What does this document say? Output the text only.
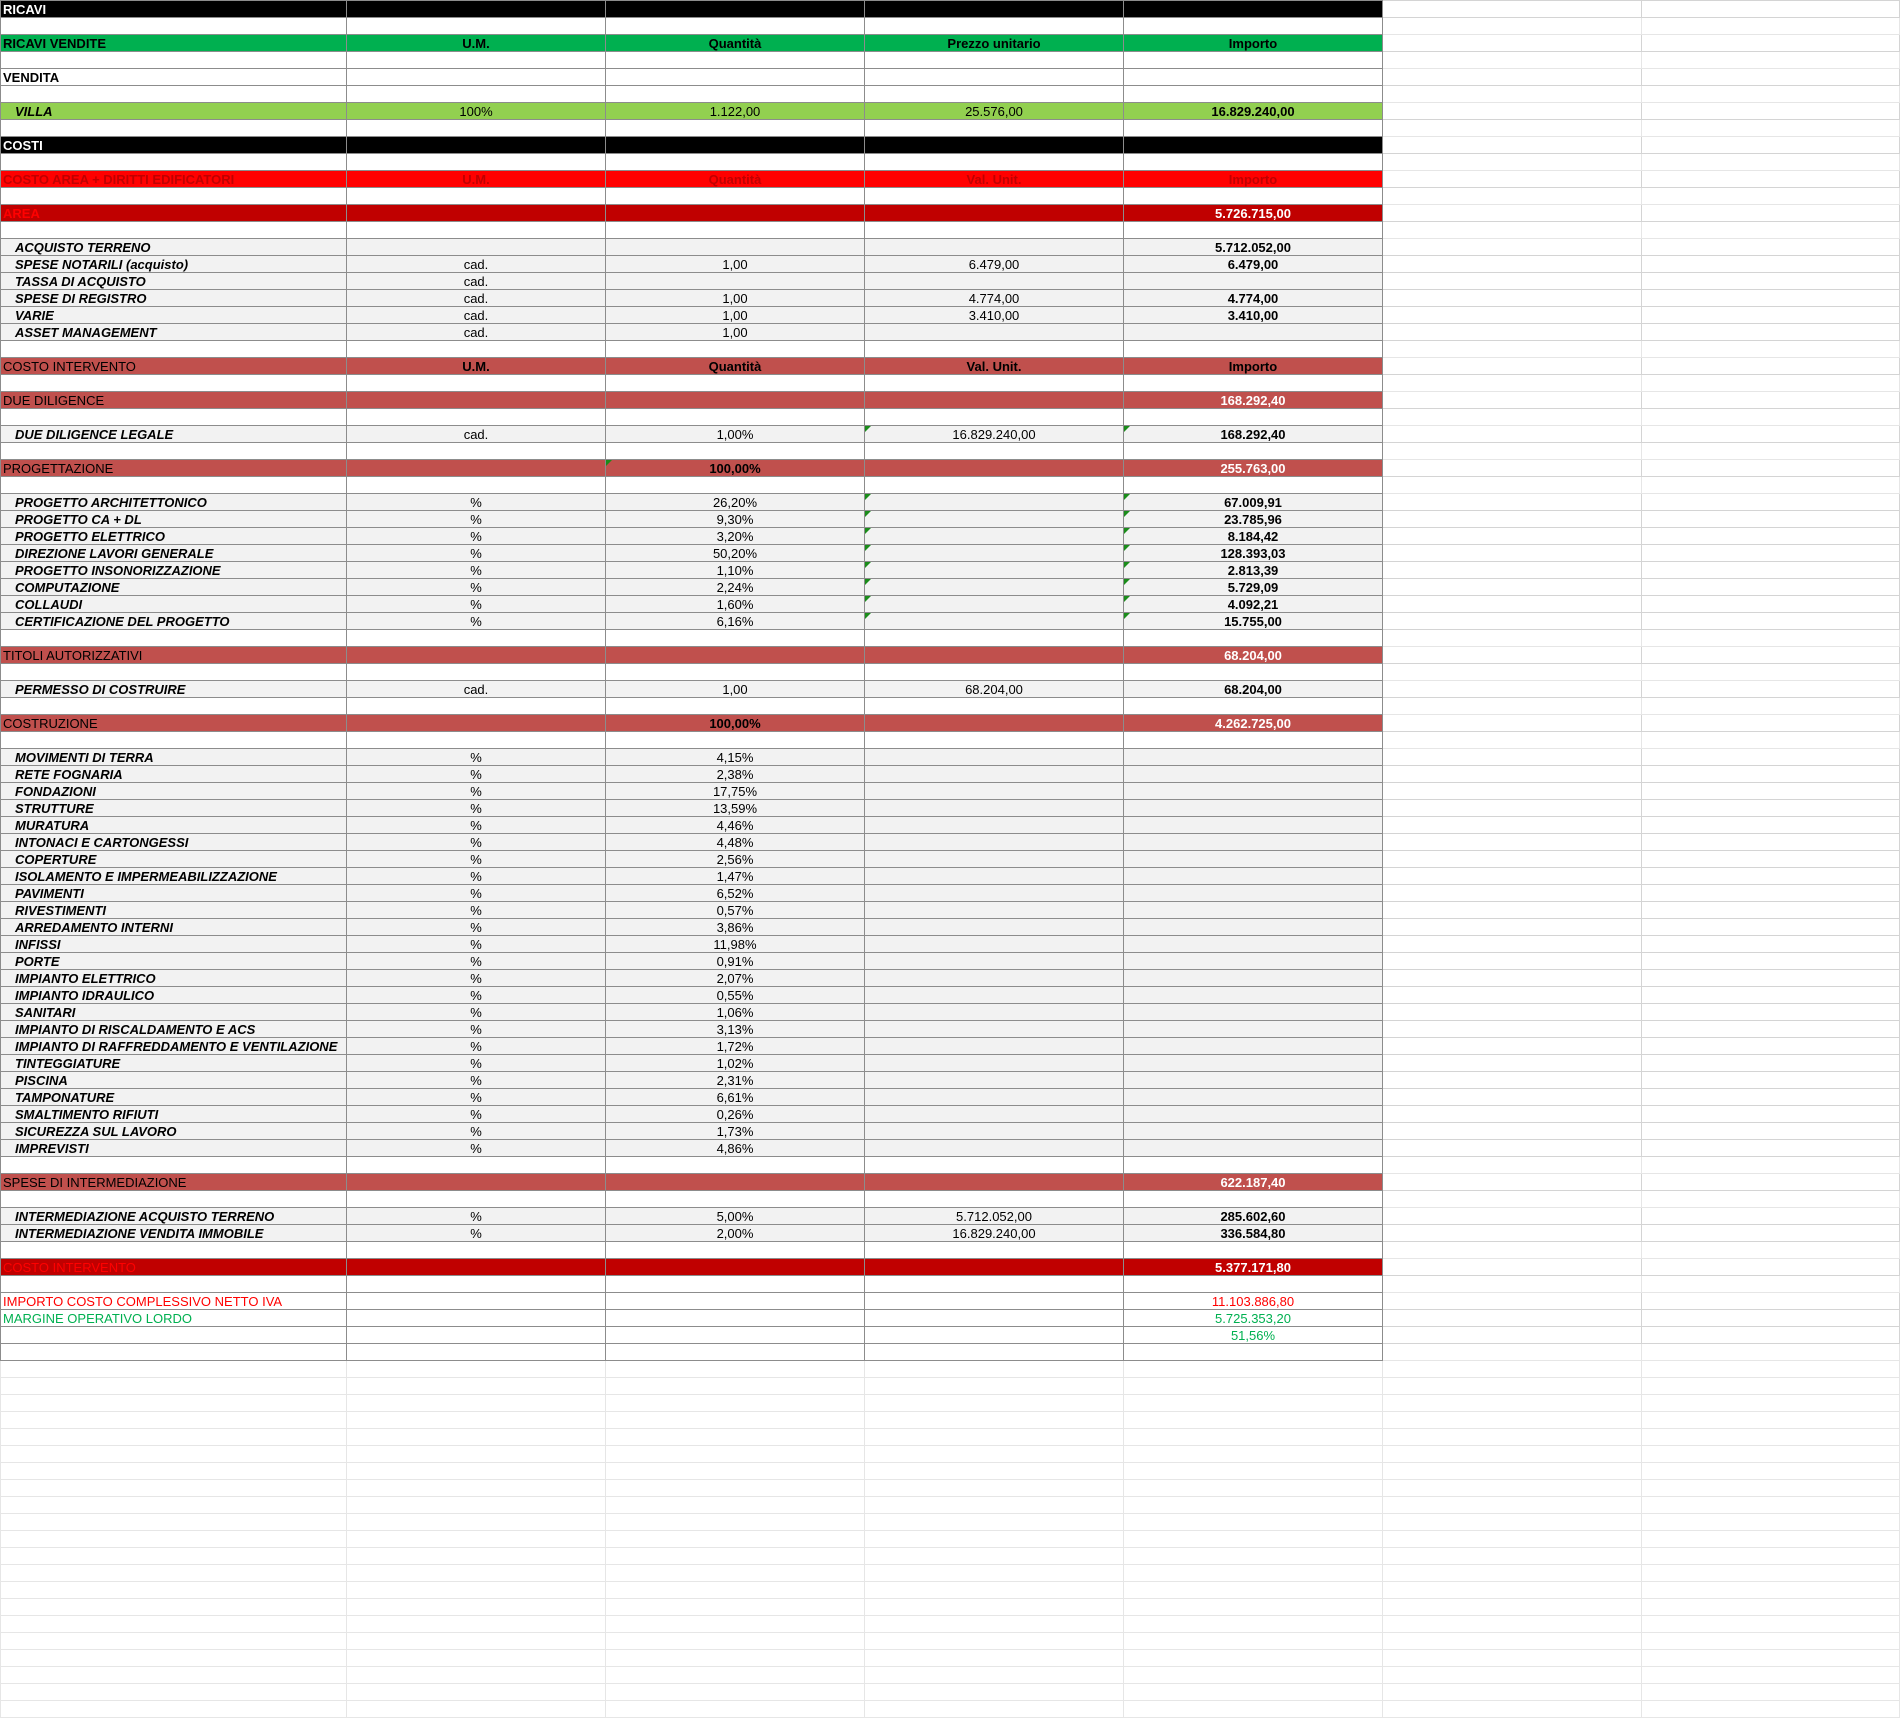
RICAVI						

RICAVI VENDITE	U.M.	Quantità	Prezzo unitario	Importo		

VENDITA						

VILLA	100%	1.122,00	25.576,00	16.829.240,00		

COSTI						

COSTO AREA + DIRITTI EDIFICATORI	U.M.	Quantità	Val. Unit.	Importo		

AREA				5.726.715,00		

ACQUISTO TERRENO				5.712.052,00		
SPESE NOTARILI (acquisto)	cad.	1,00	6.479,00	6.479,00		
TASSA DI ACQUISTO	cad.					
SPESE DI REGISTRO	cad.	1,00	4.774,00	4.774,00		
VARIE	cad.	1,00	3.410,00	3.410,00		
ASSET MANAGEMENT	cad.	1,00				

COSTO INTERVENTO	U.M.	Quantità	Val. Unit.	Importo		

DUE DILIGENCE				168.292,40		

DUE DILIGENCE LEGALE	cad.	1,00%	16.829.240,00	168.292,40		

PROGETTAZIONE		100,00%		255.763,00		

PROGETTO ARCHITETTONICO	%	26,20%		67.009,91		
PROGETTO CA + DL	%	9,30%		23.785,96		
PROGETTO ELETTRICO	%	3,20%		8.184,42		
DIREZIONE LAVORI GENERALE	%	50,20%		128.393,03		
PROGETTO INSONORIZZAZIONE	%	1,10%		2.813,39		
COMPUTAZIONE	%	2,24%		5.729,09		
COLLAUDI	%	1,60%		4.092,21		
CERTIFICAZIONE DEL PROGETTO	%	6,16%		15.755,00		

TITOLI AUTORIZZATIVI				68.204,00		

PERMESSO DI COSTRUIRE	cad.	1,00	68.204,00	68.204,00		

COSTRUZIONE		100,00%		4.262.725,00		

MOVIMENTI DI TERRA	%	4,15%				
RETE FOGNARIA	%	2,38%				
FONDAZIONI	%	17,75%				
STRUTTURE	%	13,59%				
MURATURA	%	4,46%				
INTONACI E CARTONGESSI	%	4,48%				
COPERTURE	%	2,56%				
ISOLAMENTO E IMPERMEABILIZZAZIONE	%	1,47%				
PAVIMENTI	%	6,52%				
RIVESTIMENTI	%	0,57%				
ARREDAMENTO INTERNI	%	3,86%				
INFISSI	%	11,98%				
PORTE	%	0,91%				
IMPIANTO ELETTRICO	%	2,07%				
IMPIANTO IDRAULICO	%	0,55%				
SANITARI	%	1,06%				
IMPIANTO DI RISCALDAMENTO E ACS	%	3,13%				
IMPIANTO DI RAFFREDDAMENTO E VENTILAZIONE	%	1,72%				
TINTEGGIATURE	%	1,02%				
PISCINA	%	2,31%				
TAMPONATURE	%	6,61%				
SMALTIMENTO RIFIUTI	%	0,26%				
SICUREZZA SUL LAVORO	%	1,73%				
IMPREVISTI	%	4,86%				

SPESE DI INTERMEDIAZIONE				622.187,40		

INTERMEDIAZIONE ACQUISTO TERRENO	%	5,00%	5.712.052,00	285.602,60		
INTERMEDIAZIONE VENDITA IMMOBILE	%	2,00%	16.829.240,00	336.584,80		

COSTO INTERVENTO				5.377.171,80		

IMPORTO COSTO COMPLESSIVO NETTO IVA				11.103.886,80		
MARGINE OPERATIVO LORDO				5.725.353,20		
				51,56%		
